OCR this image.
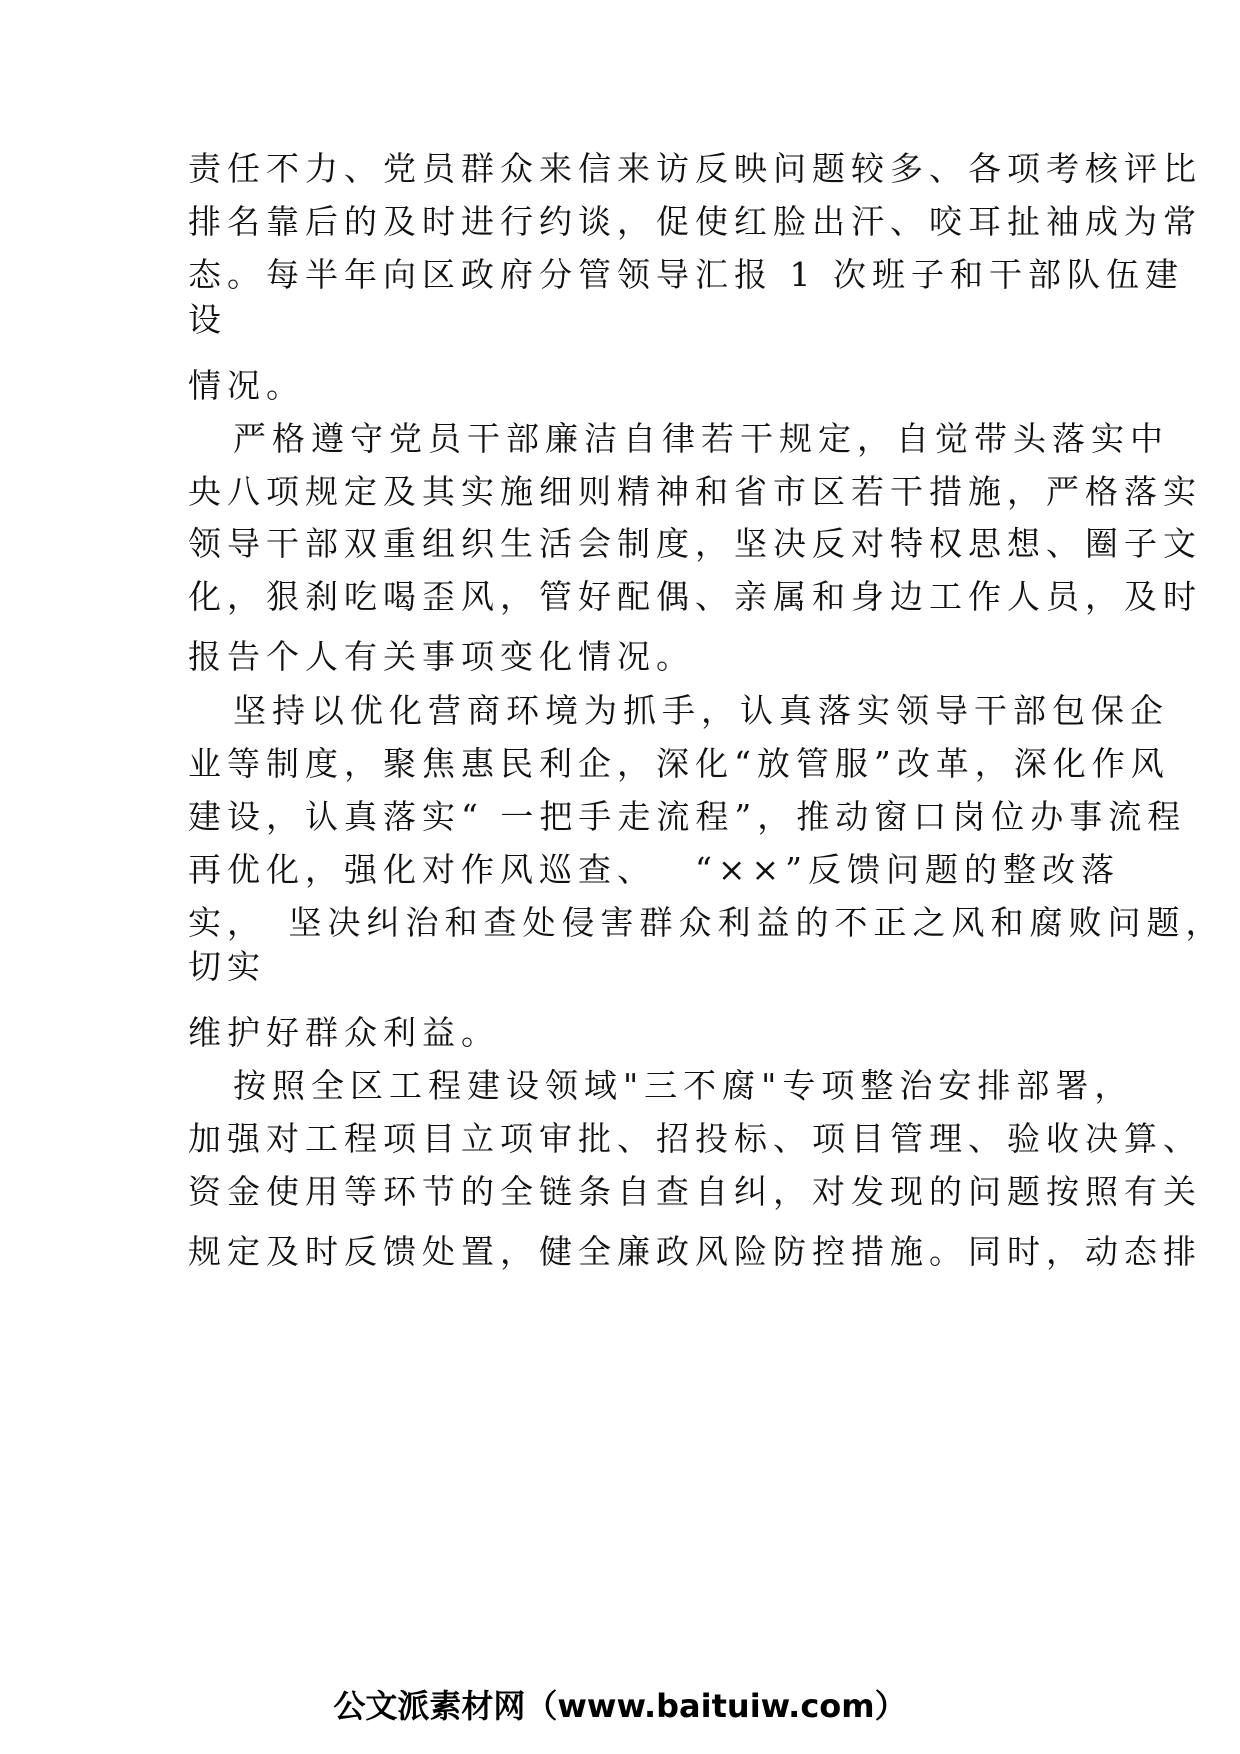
责任不力、党员群众来信来访反映问题较多、各项考核评比
排名靠后的及时进行约谈，促使红脸出汗、咬耳扯袖成为常
态。每半年向区政府分管领导汇报 1 次班子和干部队伍建
设
情况。
严格遵守党员干部廉洁自律若干规定，自觉带头落实中
央八项规定及其实施细则精神和省市区若干措施，严格落实
领导干部双重组织生活会制度，坚决反对特权思想、圈子文
化，狠刹吃喝歪风，管好配偶、亲属和身边工作人员，及时
报告个人有关事项变化情况。
坚持以优化营商环境为抓手，认真落实领导干部包保企
业等制度，聚焦惠民利企，深化“放管服”改革，深化作风
建设，认真落实“ 一把手走流程”，推动窗口岗位办事流程
再优化，强化对作风巡查、　 “××”反馈问题的整改落
实，　坚决纠治和查处侵害群众利益的不正之风和腐败问题，
切实
维护好群众利益。
按照全区工程建设领域"三不腐"专项整治安排部署，
加强对工程项目立项审批、招投标、项目管理、验收决算、
资金使用等环节的全链条自查自纠，对发现的问题按照有关
规定及时反馈处置，健全廉政风险防控措施。同时，动态排
公文派素材网（www.baituiw.com）
